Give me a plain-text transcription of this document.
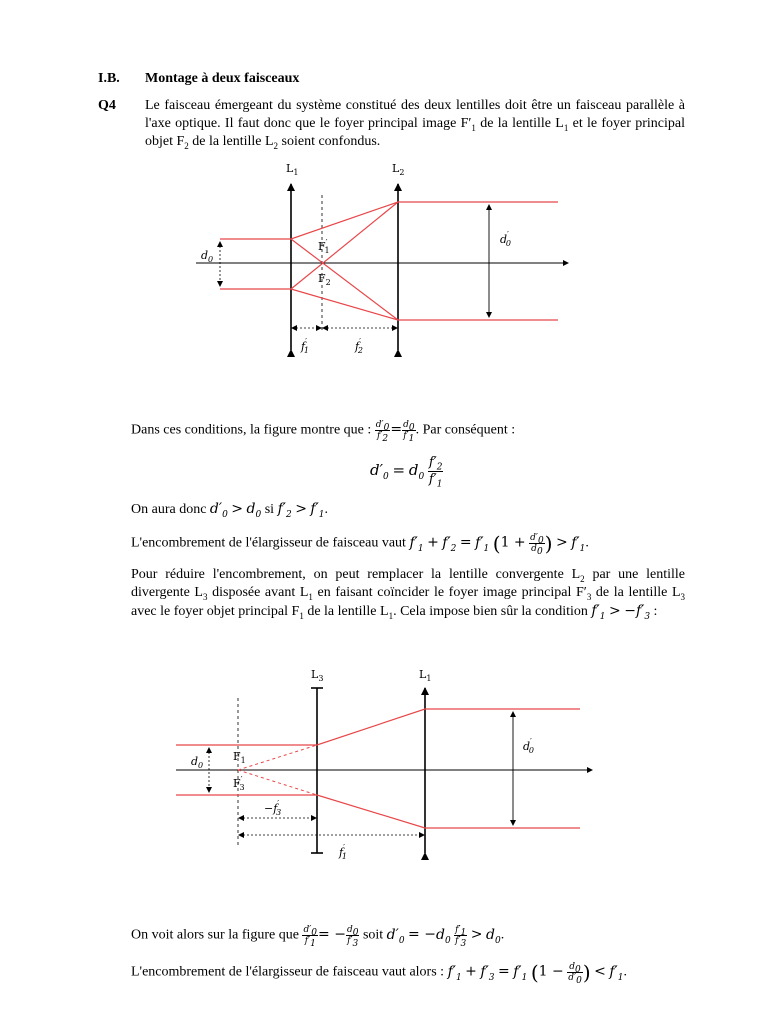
I.B. Montage à deux faisceaux
Q4 Le faisceau émergeant du système constitué des deux lentilles doit être un faisceau parallèle à l'axe optique. Il faut donc que le foyer principal image $F'_1$ de la lentille $L_1$ et le foyer principal objet $F_2$ de la lentille $L_2$ soient confondus.
$L_1$	$L_2$
$d_0$
d′ 0
F′ 1
$F_2$
f′ 1	f′ 2
Dans ces conditions, la figure montre que : $\frac{d'_0}{f'_2} = \frac{d_0}{f'_1}$ . Par conséquent :
$d'_0 = d_0 \frac{f'_2}{f'_1}$
On aura donc $d'_0 > d_0$ si $f'_2 > f'_1$.
L'encombrement de l'élargisseur de faisceau vaut $f'_1 + f'_2 = f'_1$ ($1 + \frac{d'_0}{d_0}$ ) > $f'_1$.
Pour réduire l'encombrement, on peut remplacer la lentille convergente $L_2$ par une lentille divergente $L_3$ disposée avant $L_1$ en faisant coïncider le foyer image principal $F'_3$ de la lentille $L_3$ avec le foyer objet principal $F_1$ de la lentille $L_1$. Cela impose bien sûr la condition $f'_1 > -f'_3$ :
$L_3$	$L_1$
$d_0$
d′ 0
$F_1$
F′ 3
−f′ 3
f′ 1
On voit alors sur la figure que $\frac{d'_0}{f'_1}$ = − $\frac{d_0}{f'_3}$ soit $d'_0 = -d_0 \frac{f'_1}{f'_3} > d_0$.
L'encombrement de l'élargisseur de faisceau vaut alors : $f'_1 + f'_3 = f'_1$ ($1 - \frac{d_0}{d'_0}$ ) < $f'_1$.
